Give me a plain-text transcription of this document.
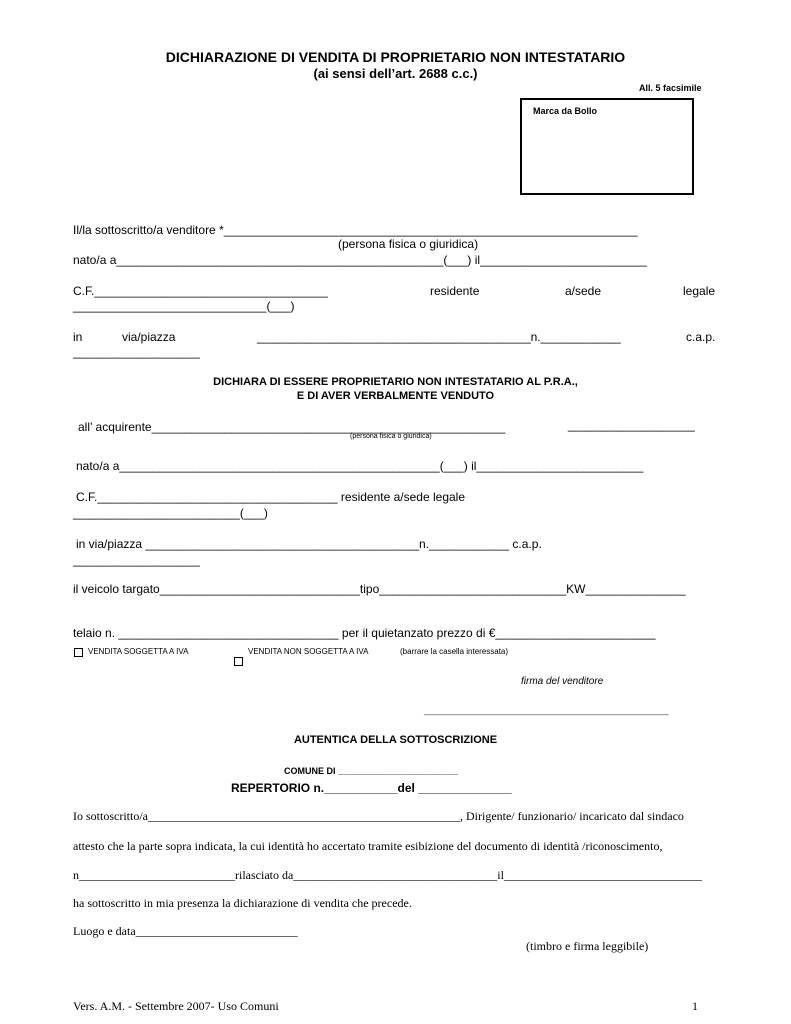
DICHIARAZIONE DI VENDITA DI PROPRIETARIO NON INTESTATARIO
(ai sensi dell’art. 2688 c.c.)
All. 5 facsimile
Marca da Bollo
Il/la sottoscritto/a venditore *______________________________________________________________
(persona fisica o giuridica)
nato/a a_________________________________________________(___) il_________________________
C.F.___________________________________	residente	a/sede	legale
_____________________________(___)
in	via/piazza	_________________________________________n.____________	c.a.p.
___________________
DICHIARA DI ESSERE PROPRIETARIO NON INTESTATARIO AL P.R.A.,
E DI AVER VERBALMENTE VENDUTO
all’ acquirente_____________________________________________________	___________________
(persona fisica o giuridica)
nato/a a________________________________________________(___) il_________________________
C.F.____________________________________ residente a/sede legale
_________________________(___)
in via/piazza _________________________________________n.____________ c.a.p.
___________________
il veicolo targato______________________________tipo____________________________KW_______________
telaio n. _________________________________ per il quietanzato prezzo di €________________________
VENDITA SOGGETTA A IVA	VENDITA NON SOGGETTA A IVA	(barrare la casella interessata)
firma del venditore
____________________________________________
AUTENTICA DELLA SOTTOSCRIZIONE
COMUNE DI ________________________
REPERTORIO n.___________del ______________
Io sottoscritto/a____________________________________________________, Dirigente/ funzionario/ incaricato dal sindaco
attesto che la parte sopra indicata, la cui identità ho accertato tramite esibizione del documento di identità /riconoscimento,
n__________________________rilasciato da__________________________________il_________________________________
ha sottoscritto in mia presenza la dichiarazione di vendita che precede.
Luogo e data___________________________
(timbro e firma leggibile)
Vers. A.M. - Settembre 2007- Uso Comuni	1
